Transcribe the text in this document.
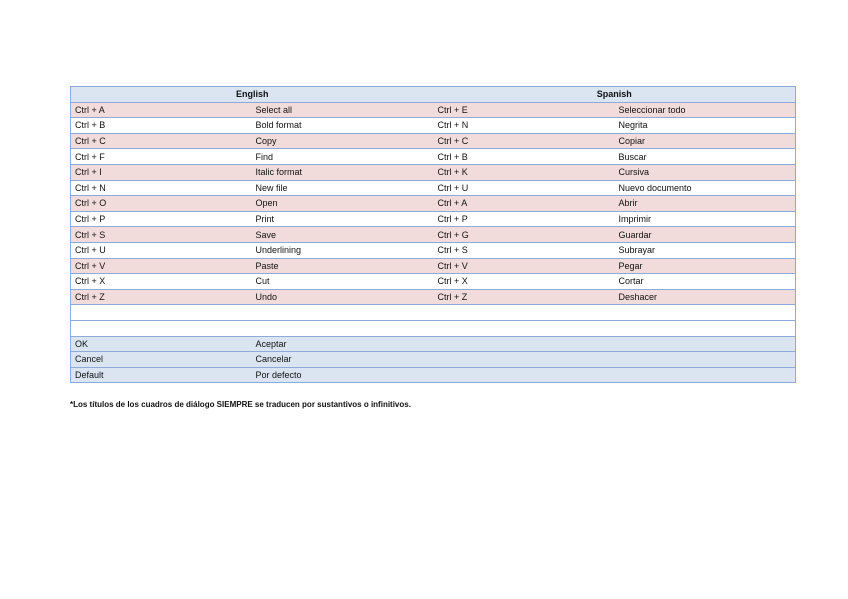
English		Spanish	
Ctrl + A	Select all	Ctrl + E	Seleccionar todo
Ctrl + B	Bold format	Ctrl + N	Negrita
Ctrl + C	Copy	Ctrl + C	Copiar
Ctrl + F	Find	Ctrl + B	Buscar
Ctrl + I	Italic format	Ctrl + K	Cursiva
Ctrl + N	New file	Ctrl + U	Nuevo documento
Ctrl + O	Open	Ctrl + A	Abrir
Ctrl + P	Print	Ctrl + P	Imprimir
Ctrl + S	Save	Ctrl + G	Guardar
Ctrl + U	Underlining	Ctrl + S	Subrayar
Ctrl + V	Paste	Ctrl + V	Pegar
Ctrl + X	Cut	Ctrl + X	Cortar
Ctrl + Z	Undo	Ctrl + Z	Deshacer

OK	Aceptar		
Cancel	Cancelar		
Default	Por defecto		
*Los títulos de los cuadros de diálogo SIEMPRE se traducen por sustantivos o infinitivos.
